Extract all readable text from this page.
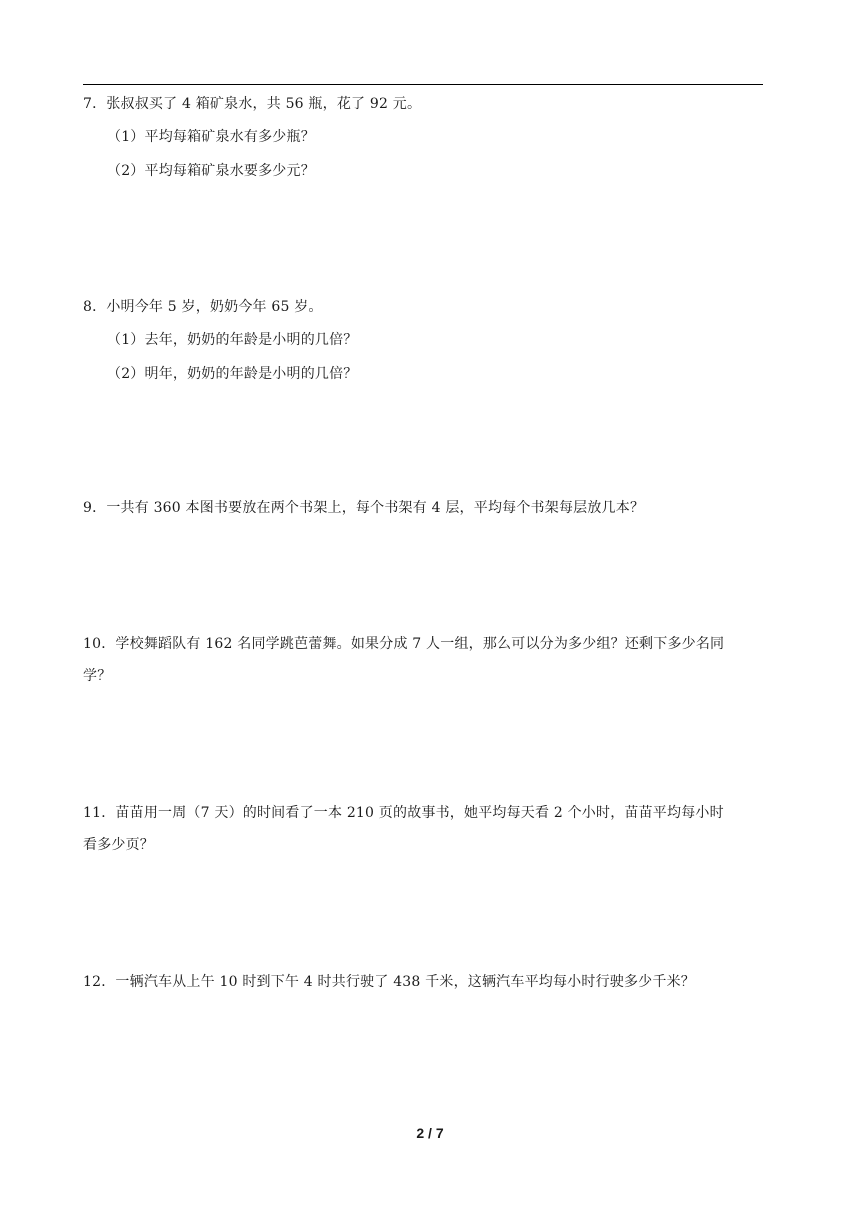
7．张叔叔买了 4 箱矿泉水，共 56 瓶，花了 92 元。
（1）平均每箱矿泉水有多少瓶？
（2）平均每箱矿泉水要多少元？
8．小明今年 5 岁，奶奶今年 65 岁。
（1）去年，奶奶的年龄是小明的几倍？
（2）明年，奶奶的年龄是小明的几倍？
9．一共有 360 本图书要放在两个书架上，每个书架有 4 层，平均每个书架每层放几本？
10．学校舞蹈队有 162 名同学跳芭蕾舞。如果分成 7 人一组，那么可以分为多少组？还剩下多少名同
学？
11．苗苗用一周（7 天）的时间看了一本 210 页的故事书，她平均每天看 2 个小时，苗苗平均每小时
看多少页？
12．一辆汽车从上午 10 时到下午 4 时共行驶了 438 千米，这辆汽车平均每小时行驶多少千米？
2 / 7
